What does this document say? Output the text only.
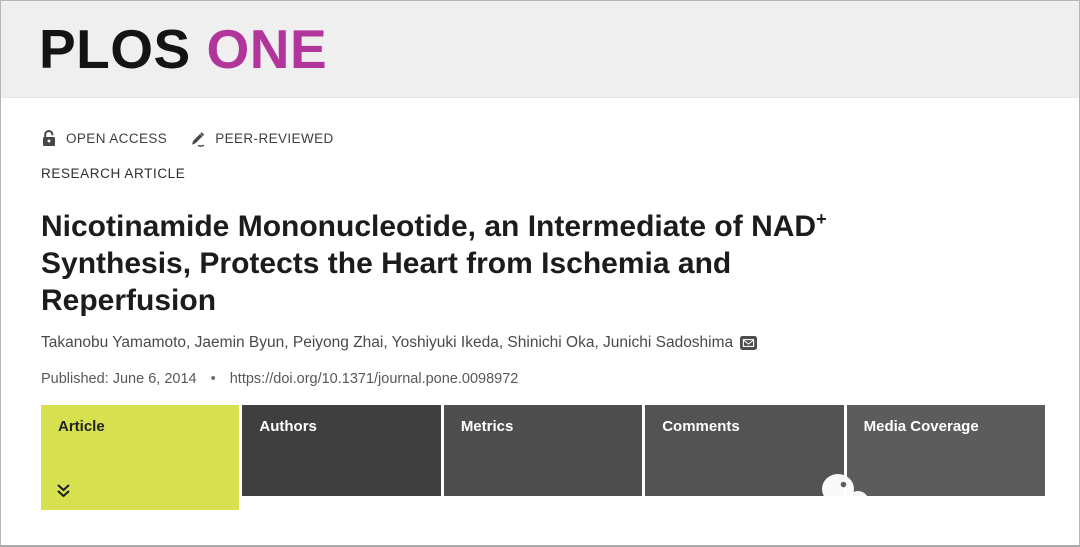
PLOS ONE
OPEN ACCESS	PEER-REVIEWED
RESEARCH ARTICLE
Nicotinamide Mononucleotide, an Intermediate of NAD+
Synthesis, Protects the Heart from Ischemia and
Reperfusion
Takanobu Yamamoto, Jaemin Byun, Peiyong Zhai, Yoshiyuki Ikeda, Shinichi Oka, Junichi Sadoshima
Published: June 6, 2014 • https://doi.org/10.1371/journal.pone.0098972
Article	Authors	Metrics	Comments	Media Coverage
